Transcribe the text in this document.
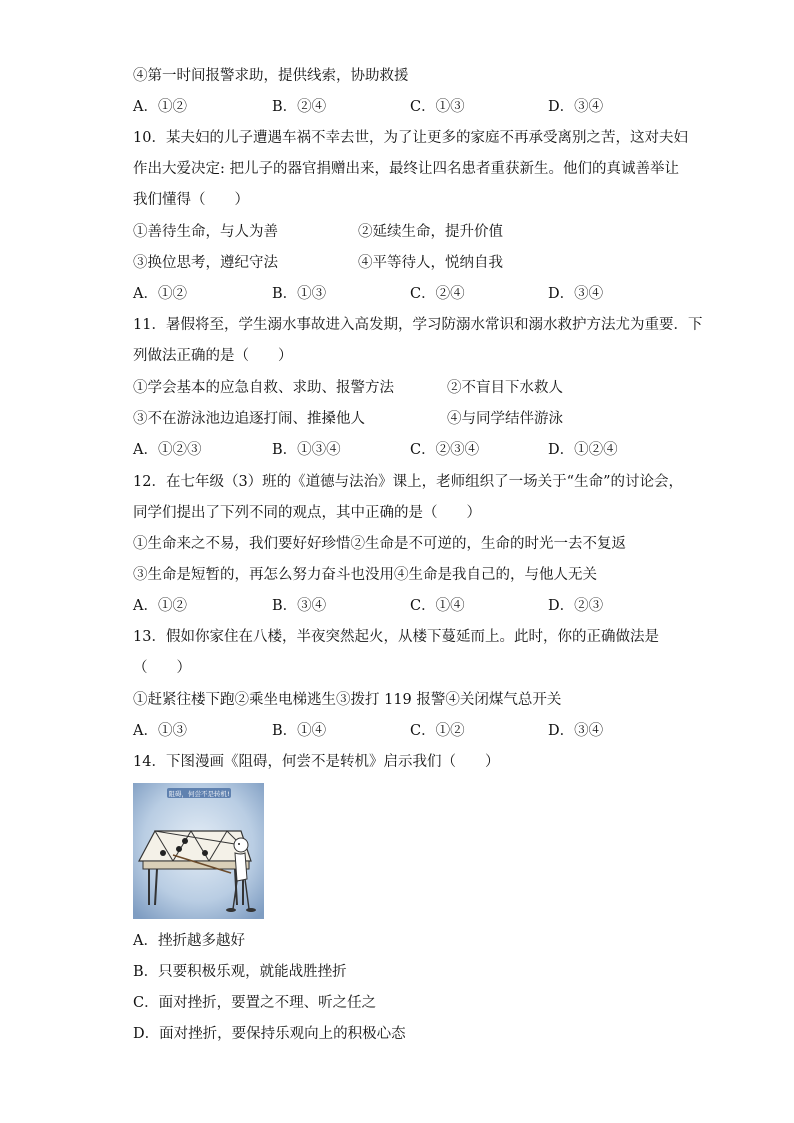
④第一时间报警求助，提供线索，协助救援
A．①②	B．②④	C．①③	D．③④
10．某夫妇的儿子遭遇车祸不幸去世，为了让更多的家庭不再承受离别之苦，这对夫妇
作出大爱决定: 把儿子的器官捐赠出来，最终让四名患者重获新生。他们的真诚善举让
我们懂得（　　）
①善待生命，与人为善	②延续生命，提升价值
③换位思考，遵纪守法	④平等待人，悦纳自我
A．①②	B．①③	C．②④	D．③④
11．暑假将至，学生溺水事故进入高发期，学习防溺水常识和溺水救护方法尤为重要．下
列做法正确的是（　　）
①学会基本的应急自救、求助、报警方法	②不盲目下水救人
③不在游泳池边追逐打闹、推搡他人	④与同学结伴游泳
A．①②③	B．①③④	C．②③④	D．①②④
12．在七年级（3）班的《道德与法治》课上，老师组织了一场关于“生命”的讨论会，
同学们提出了下列不同的观点，其中正确的是（　　）
①生命来之不易，我们要好好珍惜②生命是不可逆的，生命的时光一去不复返
③生命是短暂的，再怎么努力奋斗也没用④生命是我自己的，与他人无关
A．①②	B．③④	C．①④	D．②③
13．假如你家住在八楼，半夜突然起火，从楼下蔓延而上。此时，你的正确做法是
（　　）
①赶紧往楼下跑②乘坐电梯逃生③拨打 119 报警④关闭煤气总开关
A．①③	B．①④	C．①②	D．③④
14．下图漫画《阻碍，何尝不是转机》启示我们（　　）
阻碍，何尝不是转机!
A．挫折越多越好
B．只要积极乐观，就能战胜挫折
C．面对挫折，要置之不理、听之任之
D．面对挫折，要保持乐观向上的积极心态
